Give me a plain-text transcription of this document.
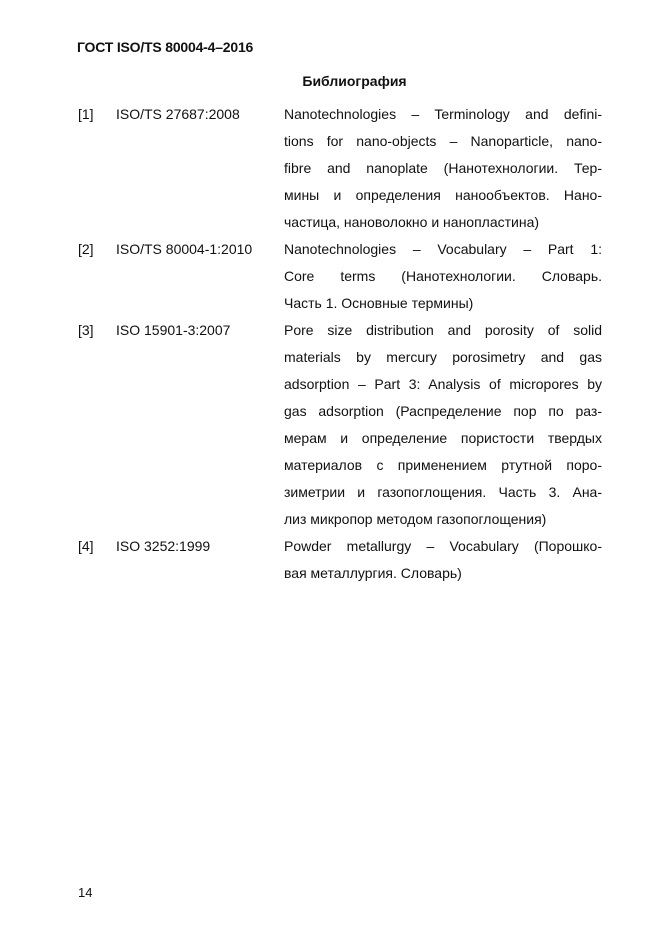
ГОСТ ISO/TS 80004-4–2016
Библиография
[1]	ISO/TS 27687:2008	Nanotechnologies – Terminology and defini-
tions for nano-objects – Nanoparticle, nano-
fibre and nanoplate (Нанотехнологии. Тер-
мины и определения нанообъектов. Нано-
частица, нановолокно и нанопластина)
[2]	ISO/TS 80004-1:2010	Nanotechnologies – Vocabulary – Part 1:
Core terms (Нанотехнологии. Словарь.
Часть 1. Основные термины)
[3]	ISO 15901-3:2007	Pore size distribution and porosity of solid
materials by mercury porosimetry and gas
adsorption – Part 3: Analysis of micropores by
gas adsorption (Распределение пор по раз-
мерам и определение пористости твердых
материалов с применением ртутной поро-
зиметрии и газопоглощения. Часть 3. Ана-
лиз микропор методом газопоглощения)
[4]	ISO 3252:1999	Powder metallurgy – Vocabulary (Порошко-
вая металлургия. Словарь)
14
